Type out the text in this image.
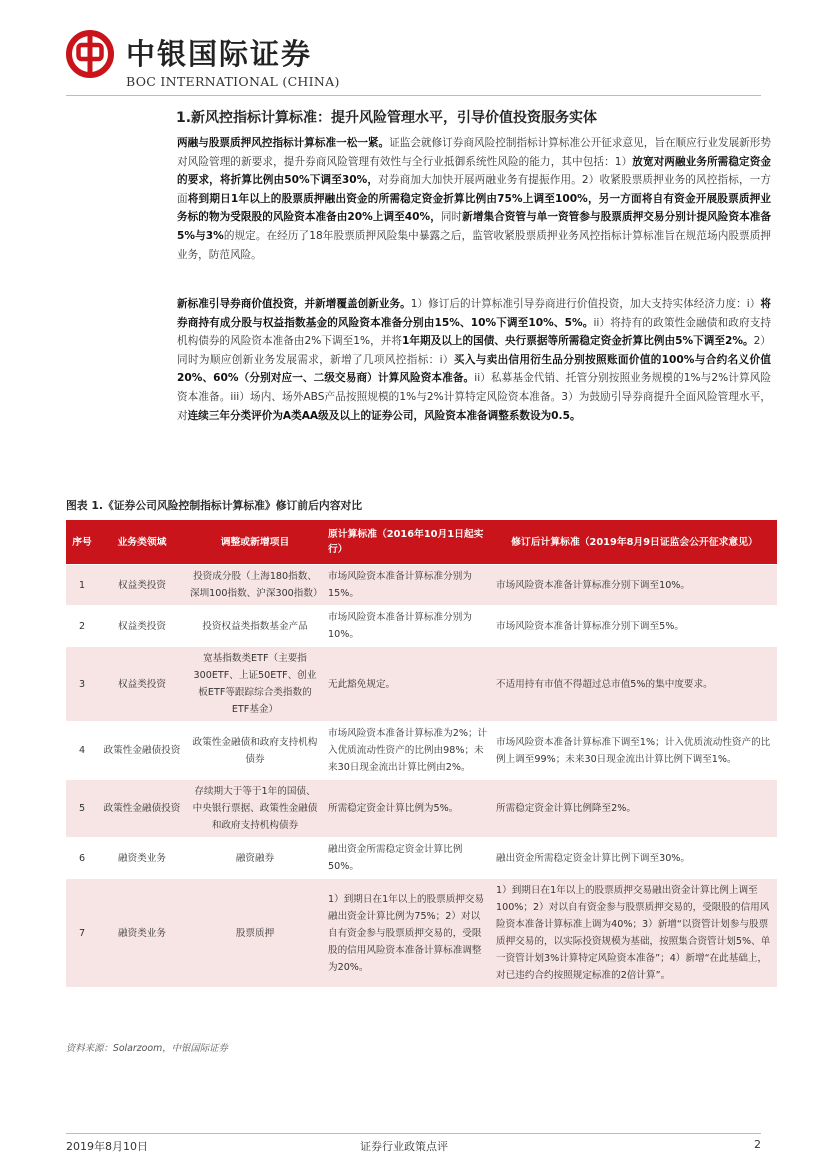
中银国际证券
BOC INTERNATIONAL (CHINA)
1.新风控指标计算标准：提升风险管理水平，引导价值投资服务实体
两融与股票质押风控指标计算标准一松一紧。证监会就修订券商风险控制指标计算标准公开征求意见，旨在顺应行业发展新形势对风险管理的新要求，提升券商风险管理有效性与全行业抵御系统性风险的能力，其中包括：1）放宽对两融业务所需稳定资金的要求，将折算比例由50%下调至30%，对券商加大加快开展两融业务有提振作用。2）收紧股票质押业务的风控指标，一方面将到期日1年以上的股票质押融出资金的所需稳定资金折算比例由75%上调至100%，另一方面将自有资金开展股票质押业务标的物为受限股的风险资本准备由20%上调至40%，同时新增集合资管与单一资管参与股票质押交易分别计提风险资本准备5%与3%的规定。在经历了18年股票质押风险集中暴露之后，监管收紧股票质押业务风控指标计算标准旨在规范场内股票质押业务，防范风险。
新标准引导券商价值投资，并新增覆盖创新业务。1）修订后的计算标准引导券商进行价值投资，加大支持实体经济力度：i）将券商持有成分股与权益指数基金的风险资本准备分别由15%、10%下调至10%、5%。ii）将持有的政策性金融债和政府支持机构债券的风险资本准备由2%下调至1%，并将1年期及以上的国债、央行票据等所需稳定资金折算比例由5%下调至2%。2）同时为顺应创新业务发展需求，新增了几项风控指标：i）买入与卖出信用衍生品分别按照账面价值的100%与合约名义价值20%、60%（分别对应一、二级交易商）计算风险资本准备。ii）私募基金代销、托管分别按照业务规模的1%与2%计算风险资本准备。iii）场内、场外ABS产品按照规模的1%与2%计算特定风险资本准备。3）为鼓励引导券商提升全面风险管理水平，对连续三年分类评价为A类AA级及以上的证券公司，风险资本准备调整系数设为0.5。
图表 1.《证券公司风险控制指标计算标准》修订前后内容对比
序号	业务类领域	调整或新增项目	原计算标准（2016年10月1日起实行）	修订后计算标准（2019年8月9日证监会公开征求意见）
1	权益类投资	投资成分股（上海180指数、深圳100指数、沪深300指数）	市场风险资本准备计算标准分别为15%。	市场风险资本准备计算标准分别下调至10%。
2	权益类投资	投资权益类指数基金产品	市场风险资本准备计算标准分别为10%。	市场风险资本准备计算标准分别下调至5%。
3	权益类投资	宽基指数类ETF（主要指300ETF、上证50ETF、创业板ETF等跟踪综合类指数的ETF基金）	无此豁免规定。	不适用持有市值不得超过总市值5%的集中度要求。
4	政策性金融债投资	政策性金融债和政府支持机构债券	市场风险资本准备计算标准为2%；计入优质流动性资产的比例由98%；未来30日现金流出计算比例由2%。	市场风险资本准备计算标准下调至1%；计入优质流动性资产的比例上调至99%；未来30日现金流出计算比例下调至1%。
5	政策性金融债投资	存续期大于等于1年的国债、中央银行票据、政策性金融债和政府支持机构债券	所需稳定资金计算比例为5%。	所需稳定资金计算比例降至2%。
6	融资类业务	融资融券	融出资金所需稳定资金计算比例50%。	融出资金所需稳定资金计算比例下调至30%。
7	融资类业务	股票质押	1）到期日在1年以上的股票质押交易融出资金计算比例为75%；2）对以自有资金参与股票质押交易的，受限股的信用风险资本准备计算标准调整为20%。	1）到期日在1年以上的股票质押交易融出资金计算比例上调至100%；2）对以自有资金参与股票质押交易的，受限股的信用风险资本准备计算标准上调为40%；3）新增“以资管计划参与股票质押交易的，以实际投资规模为基础，按照集合资管计划5%、单一资管计划3%计算特定风险资本准备”；4）新增“在此基础上，对已违约合约按照规定标准的2倍计算”。
资料来源：Solarzoom，中银国际证券
2019年8月10日	证券行业政策点评	2
